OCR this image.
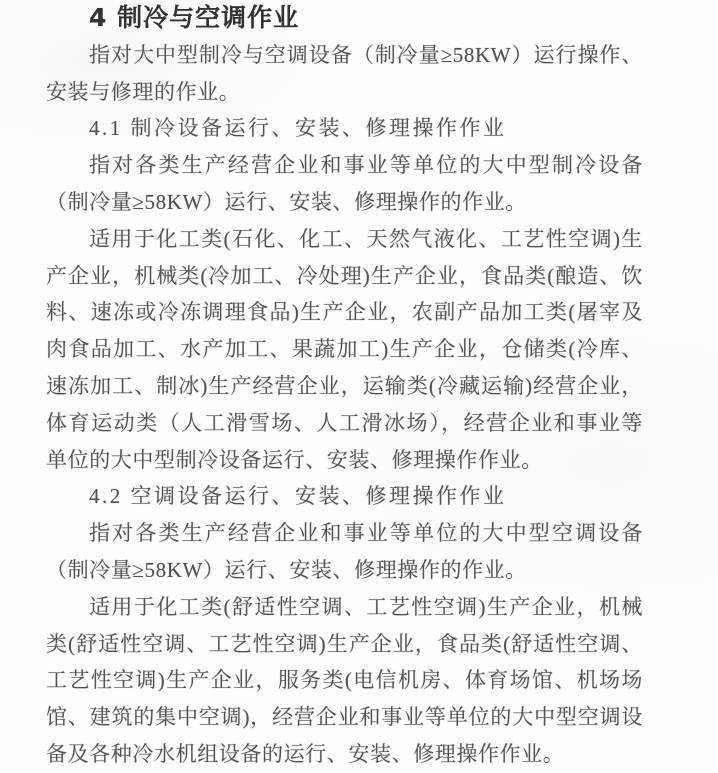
4 制冷与空调作业
指对大中型制冷与空调设备（制冷量≥58KW）运行操作、
安装与修理的作业。
4.1 制冷设备运行、安装、修理操作作业
指对各类生产经营企业和事业等单位的大中型制冷设备
（制冷量≥58KW）运行、安装、修理操作的作业。
适用于化工类(石化、化工、天然气液化、工艺性空调)生
产企业，机械类(冷加工、冷处理)生产企业，食品类(酿造、饮
料、速冻或冷冻调理食品)生产企业，农副产品加工类(屠宰及
肉食品加工、水产加工、果蔬加工)生产企业，仓储类(冷库、
速冻加工、制冰)生产经营企业，运输类(冷藏运输)经营企业，
体育运动类（人工滑雪场、人工滑冰场），经营企业和事业等
单位的大中型制冷设备运行、安装、修理操作作业。
4.2 空调设备运行、安装、修理操作作业
指对各类生产经营企业和事业等单位的大中型空调设备
（制冷量≥58KW）运行、安装、修理操作的作业。
适用于化工类(舒适性空调、工艺性空调)生产企业，机械
类(舒适性空调、工艺性空调)生产企业，食品类(舒适性空调、
工艺性空调)生产企业，服务类(电信机房、体育场馆、机场场
馆、建筑的集中空调)，经营企业和事业等单位的大中型空调设
备及各种冷水机组设备的运行、安装、修理操作作业。
